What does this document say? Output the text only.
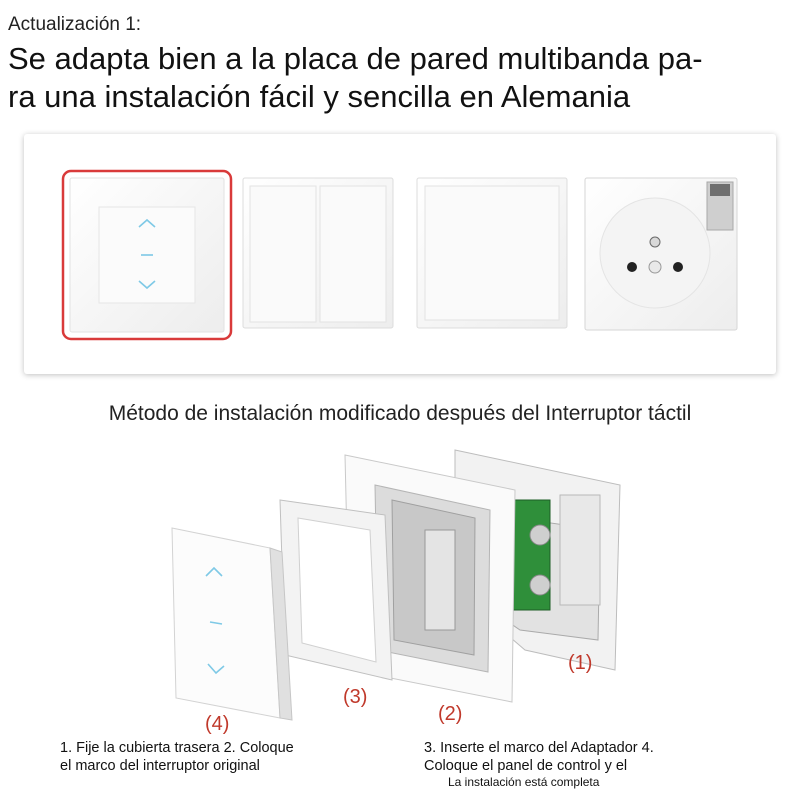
Actualización 1:
Se adapta bien a la placa de pared multibanda pa-
ra una instalación fácil y sencilla en Alemania
Método de instalación modificado después del Interruptor táctil
(1)
(2)
(3)
(4)
1. Fije la cubierta trasera 2. Coloque
el marco del interruptor original
3. Inserte el marco del Adaptador 4.
Coloque el panel de control y el
La instalación está completa
